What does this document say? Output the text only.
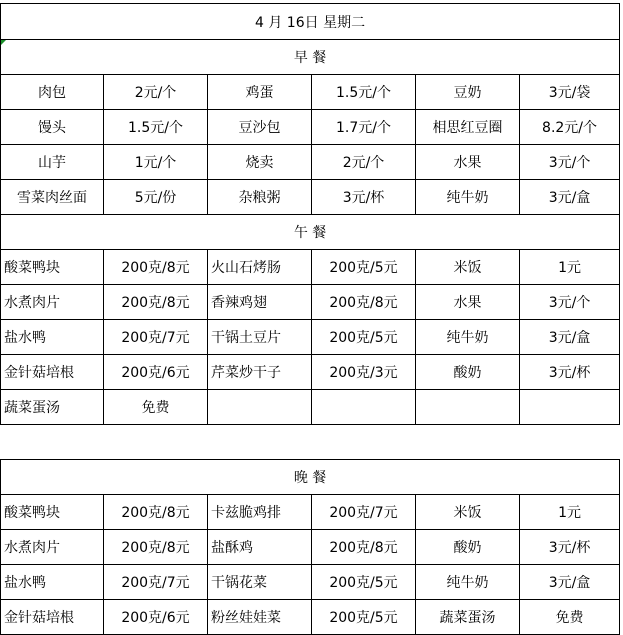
4 月 16日 星期二					
早 餐					
肉包	2元/个	鸡蛋	1.5元/个	豆奶	3元/袋
馒头	1.5元/个	豆沙包	1.7元/个	相思红豆圈	8.2元/个
山芋	1元/个	烧卖	2元/个	水果	3元/个
雪菜肉丝面	5元/份	杂粮粥	3元/杯	纯牛奶	3元/盒
午 餐					
酸菜鸭块	200克/8元	火山石烤肠	200克/5元	米饭	1元
水煮肉片	200克/8元	香辣鸡翅	200克/8元	水果	3元/个
盐水鸭	200克/7元	干锅土豆片	200克/5元	纯牛奶	3元/盒
金针菇培根	200克/6元	芹菜炒干子	200克/3元	酸奶	3元/杯
蔬菜蛋汤	免费				

晚 餐					
酸菜鸭块	200克/8元	卡兹脆鸡排	200克/7元	米饭	1元
水煮肉片	200克/8元	盐酥鸡	200克/8元	酸奶	3元/杯
盐水鸭	200克/7元	干锅花菜	200克/5元	纯牛奶	3元/盒
金针菇培根	200克/6元	粉丝娃娃菜	200克/5元	蔬菜蛋汤	免费
